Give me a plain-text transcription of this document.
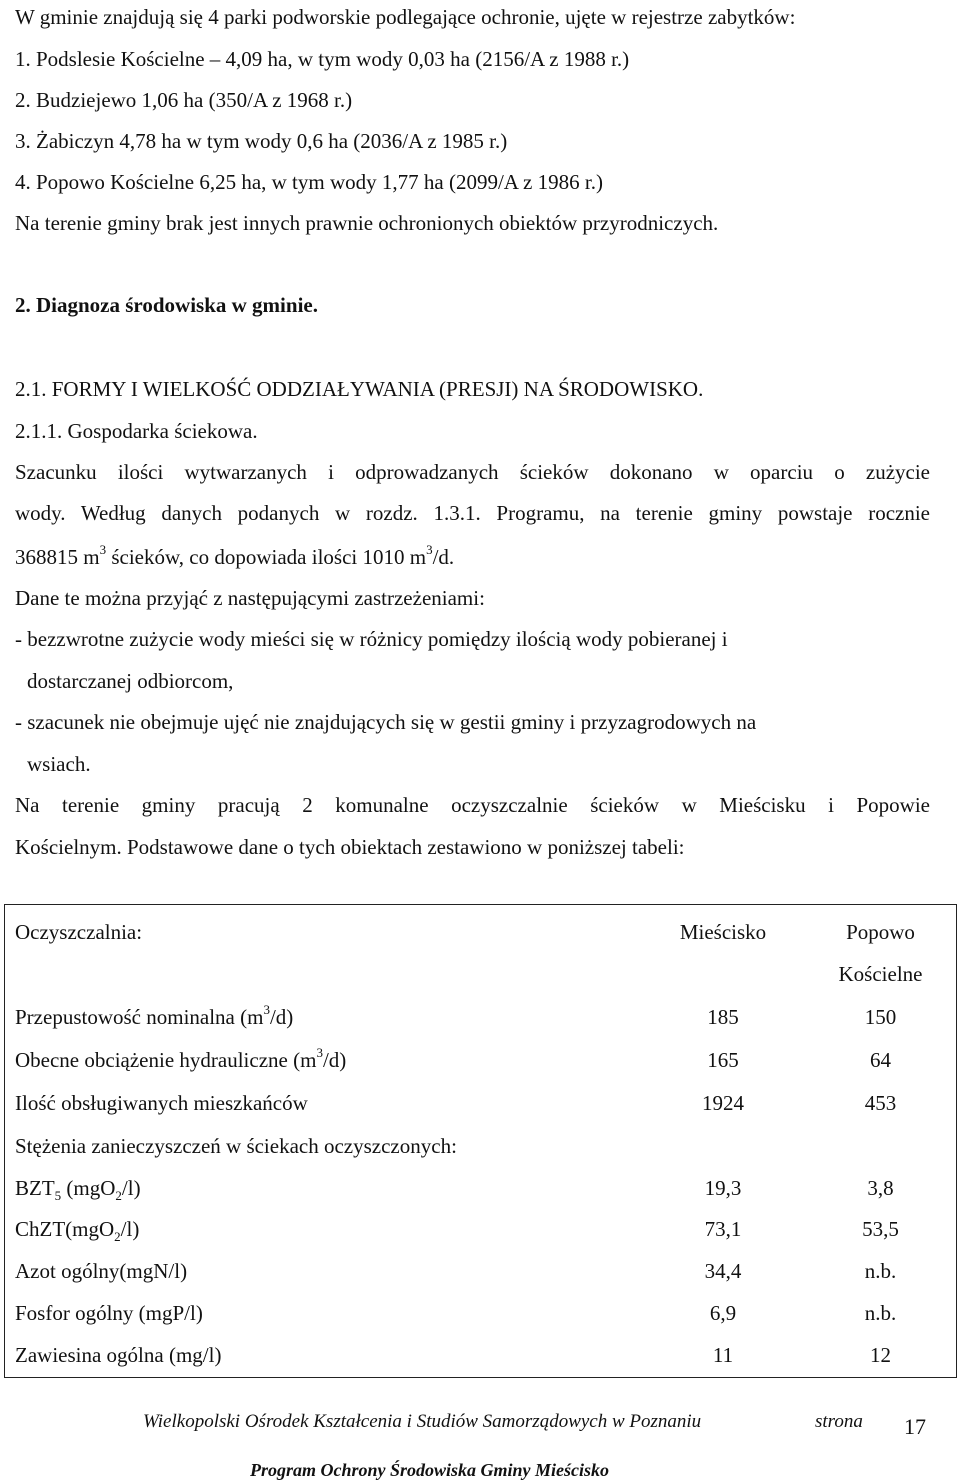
W gminie znajdują się 4 parki podworskie podlegające ochronie, ujęte w rejestrze zabytków:
1. Podslesie Kościelne – 4,09 ha, w tym wody 0,03 ha (2156/A z 1988 r.)
2. Budziejewo 1,06 ha (350/A z 1968 r.)
3. Żabiczyn 4,78 ha w tym wody 0,6 ha (2036/A z 1985 r.)
4. Popowo Kościelne 6,25 ha, w tym wody 1,77 ha (2099/A z 1986 r.)
Na terenie gminy brak jest innych prawnie ochronionych obiektów przyrodniczych.
2. Diagnoza środowiska w gminie.
2.1. FORMY I WIELKOŚĆ ODDZIAŁYWANIA (PRESJI) NA ŚRODOWISKO.
2.1.1. Gospodarka ściekowa.
Szacunku ilości wytwarzanych i odprowadzanych ścieków dokonano w oparciu o zużycie
wody. Według danych podanych w rozdz. 1.3.1. Programu, na terenie gminy powstaje rocznie
368815 $m^3$ ścieków, co dopowiada ilości 1010 $m^3/d$.
Dane te można przyjąć z następującymi zastrzeżeniami:
- bezzwrotne zużycie wody mieści się w różnicy pomiędzy ilością wody pobieranej i
dostarczanej odbiorcom,
- szacunek nie obejmuje ujęć nie znajdujących się w gestii gminy i przyzagrodowych na
wsiach.
Na terenie gminy pracują 2 komunalne oczyszczalnie ścieków w Mieścisku i Popowie
Kościelnym. Podstawowe dane o tych obiektach zestawiono w poniższej tabeli:
Oczyszczalnia:	Mieścisko	Popowo
Kościelne
Przepustowość nominalna $(m^3/d)$	185	150
Obecne obciążenie hydrauliczne $(m^3/d)$	165	64
Ilość obsługiwanych mieszkańców	1924	453
Stężenia zanieczyszczeń w ściekach oczyszczonych:
$BZT_5$ (mgO$_2$/l)	19,3	3,8
ChZT(mgO$_2$/l)	73,1	53,5
Azot ogólny(mgN/l)	34,4	n.b.
Fosfor ogólny (mgP/l)	6,9	n.b.
Zawiesina ogólna (mg/l)	11	12
Wielkopolski Ośrodek Kształcenia i Studiów Samorządowych w Poznaniu	strona 17
Program Ochrony Środowiska Gminy Mieścisko
